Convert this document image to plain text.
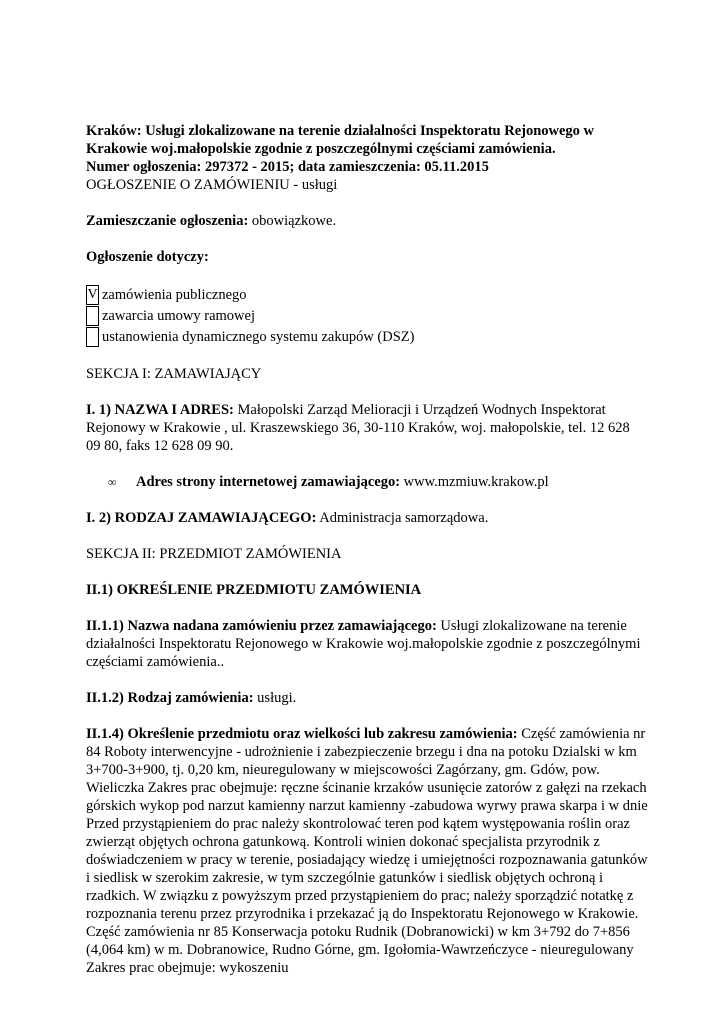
Kraków: Usługi zlokalizowane na terenie działalności Inspektoratu Rejonowego w
Krakowie woj.małopolskie zgodnie z poszczególnymi częściami zamówienia.
Numer ogłoszenia: 297372 - 2015; data zamieszczenia: 05.11.2015
OGŁOSZENIE O ZAMÓWIENIU - usługi

Zamieszczanie ogłoszenia: obowiązkowe.

Ogłoszenie dotyczy:

V zamówienia publicznego
zawarcia umowy ramowej
ustanowienia dynamicznego systemu zakupów (DSZ)

SEKCJA I: ZAMAWIAJĄCY

I. 1) NAZWA I ADRES: Małopolski Zarząd Melioracji i Urządzeń Wodnych Inspektorat Rejonowy w Krakowie , ul. Kraszewskiego 36, 30-110 Kraków, woj. małopolskie, tel. 12 628 09 80, faks 12 628 09 90.

∞	Adres strony internetowej zamawiającego: www.mzmiuw.krakow.pl

I. 2) RODZAJ ZAMAWIAJĄCEGO: Administracja samorządowa.

SEKCJA II: PRZEDMIOT ZAMÓWIENIA

II.1) OKREŚLENIE PRZEDMIOTU ZAMÓWIENIA

II.1.1) Nazwa nadana zamówieniu przez zamawiającego: Usługi zlokalizowane na terenie działalności Inspektoratu Rejonowego w Krakowie woj.małopolskie zgodnie z poszczególnymi częściami zamówienia..

II.1.2) Rodzaj zamówienia: usługi.

II.1.4) Określenie przedmiotu oraz wielkości lub zakresu zamówienia: Część zamówienia nr 84 Roboty interwencyjne - udrożnienie i zabezpieczenie brzegu i dna na potoku Dzialski w km 3+700-3+900, tj. 0,20 km, nieuregulowany w miejscowości Zagórzany, gm. Gdów, pow. Wieliczka Zakres prac obejmuje: ręczne ścinanie krzaków usunięcie zatorów z gałęzi na rzekach górskich wykop pod narzut kamienny narzut kamienny -zabudowa wyrwy prawa skarpa i w dnie Przed przystąpieniem do prac należy skontrolować teren pod kątem występowania roślin oraz zwierząt objętych ochrona gatunkową. Kontroli winien dokonać specjalista przyrodnik z doświadczeniem w pracy w terenie, posiadający wiedzę i umiejętności rozpoznawania gatunków i siedlisk w szerokim zakresie, w tym szczególnie gatunków i siedlisk objętych ochroną i rzadkich. W związku z powyższym przed przystąpieniem do prac; należy sporządzić notatkę z rozpoznania terenu przez przyrodnika i przekazać ją do Inspektoratu Rejonowego w Krakowie. Część zamówienia nr 85 Konserwacja potoku Rudnik (Dobranowicki) w km 3+792 do 7+856 (4,064 km) w m. Dobranowice, Rudno Górne, gm. Igołomia-Wawrzeńczyce - nieuregulowany Zakres prac obejmuje: wykoszeniu
